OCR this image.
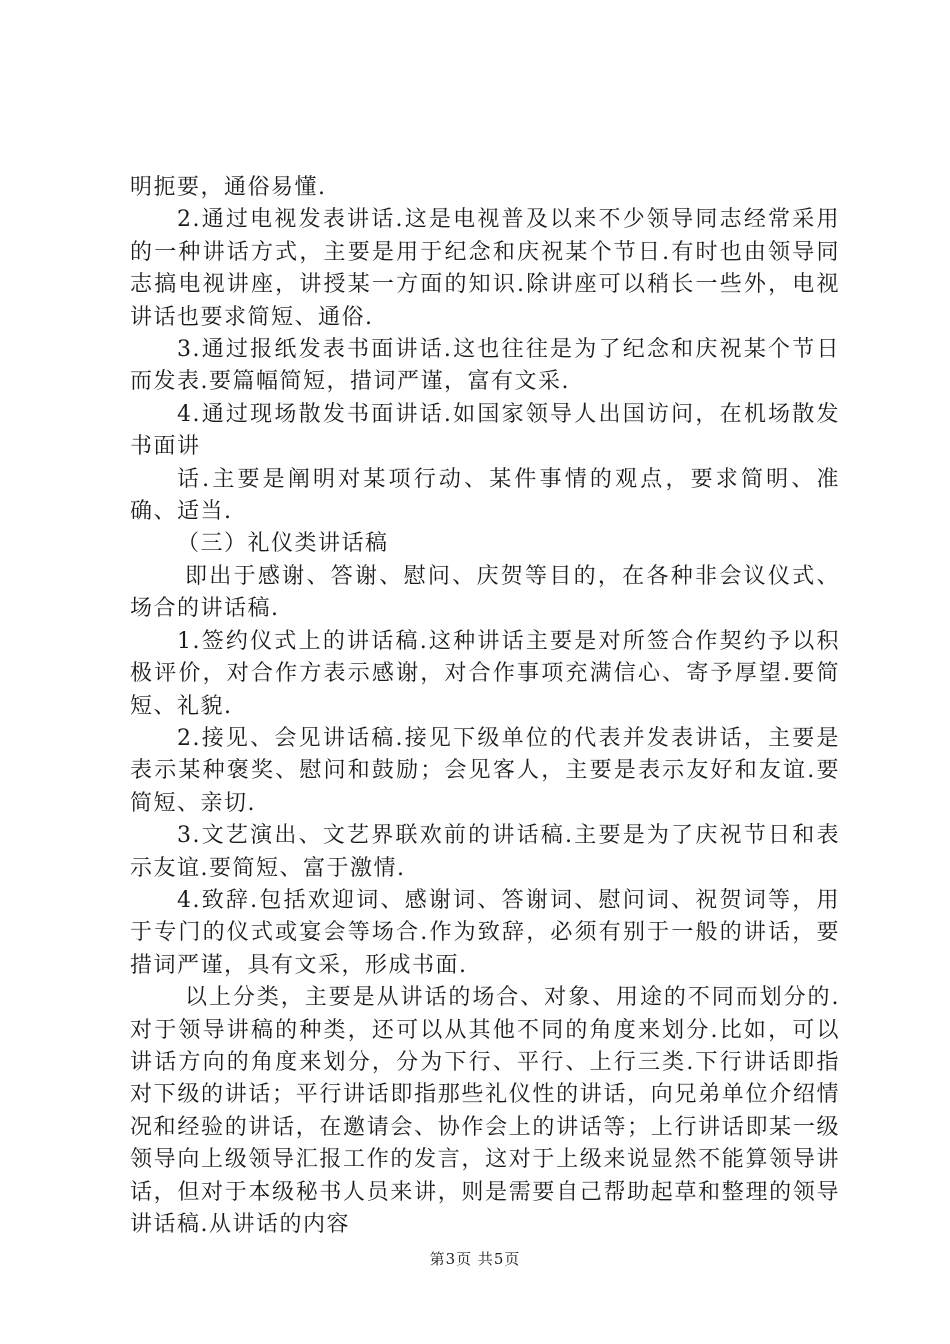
明扼要，通俗易懂.

2.通过电视发表讲话.这是电视普及以来不少领导同志经常采用的一种讲话方式，主要是用于纪念和庆祝某个节日.有时也由领导同志搞电视讲座，讲授某一方面的知识.除讲座可以稍长一些外，电视讲话也要求简短、通俗.

3.通过报纸发表书面讲话.这也往往是为了纪念和庆祝某个节日而发表.要篇幅简短，措词严谨，富有文采.

4.通过现场散发书面讲话.如国家领导人出国访问，在机场散发书面讲

话.主要是阐明对某项行动、某件事情的观点，要求简明、准确、适当.

（三）礼仪类讲话稿

即出于感谢、答谢、慰问、庆贺等目的，在各种非会议仪式、场合的讲话稿.

1.签约仪式上的讲话稿.这种讲话主要是对所签合作契约予以积极评价，对合作方表示感谢，对合作事项充满信心、寄予厚望.要简短、礼貌.

2.接见、会见讲话稿.接见下级单位的代表并发表讲话，主要是表示某种褒奖、慰问和鼓励；会见客人，主要是表示友好和友谊.要简短、亲切.

3.文艺演出、文艺界联欢前的讲话稿.主要是为了庆祝节日和表示友谊.要简短、富于激情.

4.致辞.包括欢迎词、感谢词、答谢词、慰问词、祝贺词等，用于专门的仪式或宴会等场合.作为致辞，必须有别于一般的讲话，要措词严谨，具有文采，形成书面.

以上分类，主要是从讲话的场合、对象、用途的不同而划分的.对于领导讲稿的种类，还可以从其他不同的角度来划分.比如，可以讲话方向的角度来划分，分为下行、平行、上行三类.下行讲话即指对下级的讲话；平行讲话即指那些礼仪性的讲话，向兄弟单位介绍情况和经验的讲话，在邀请会、协作会上的讲话等；上行讲话即某一级领导向上级领导汇报工作的发言，这对于上级来说显然不能算领导讲话，但对于本级秘书人员来讲，则是需要自己帮助起草和整理的领导讲话稿.从讲话的内容

第3页 共5页
